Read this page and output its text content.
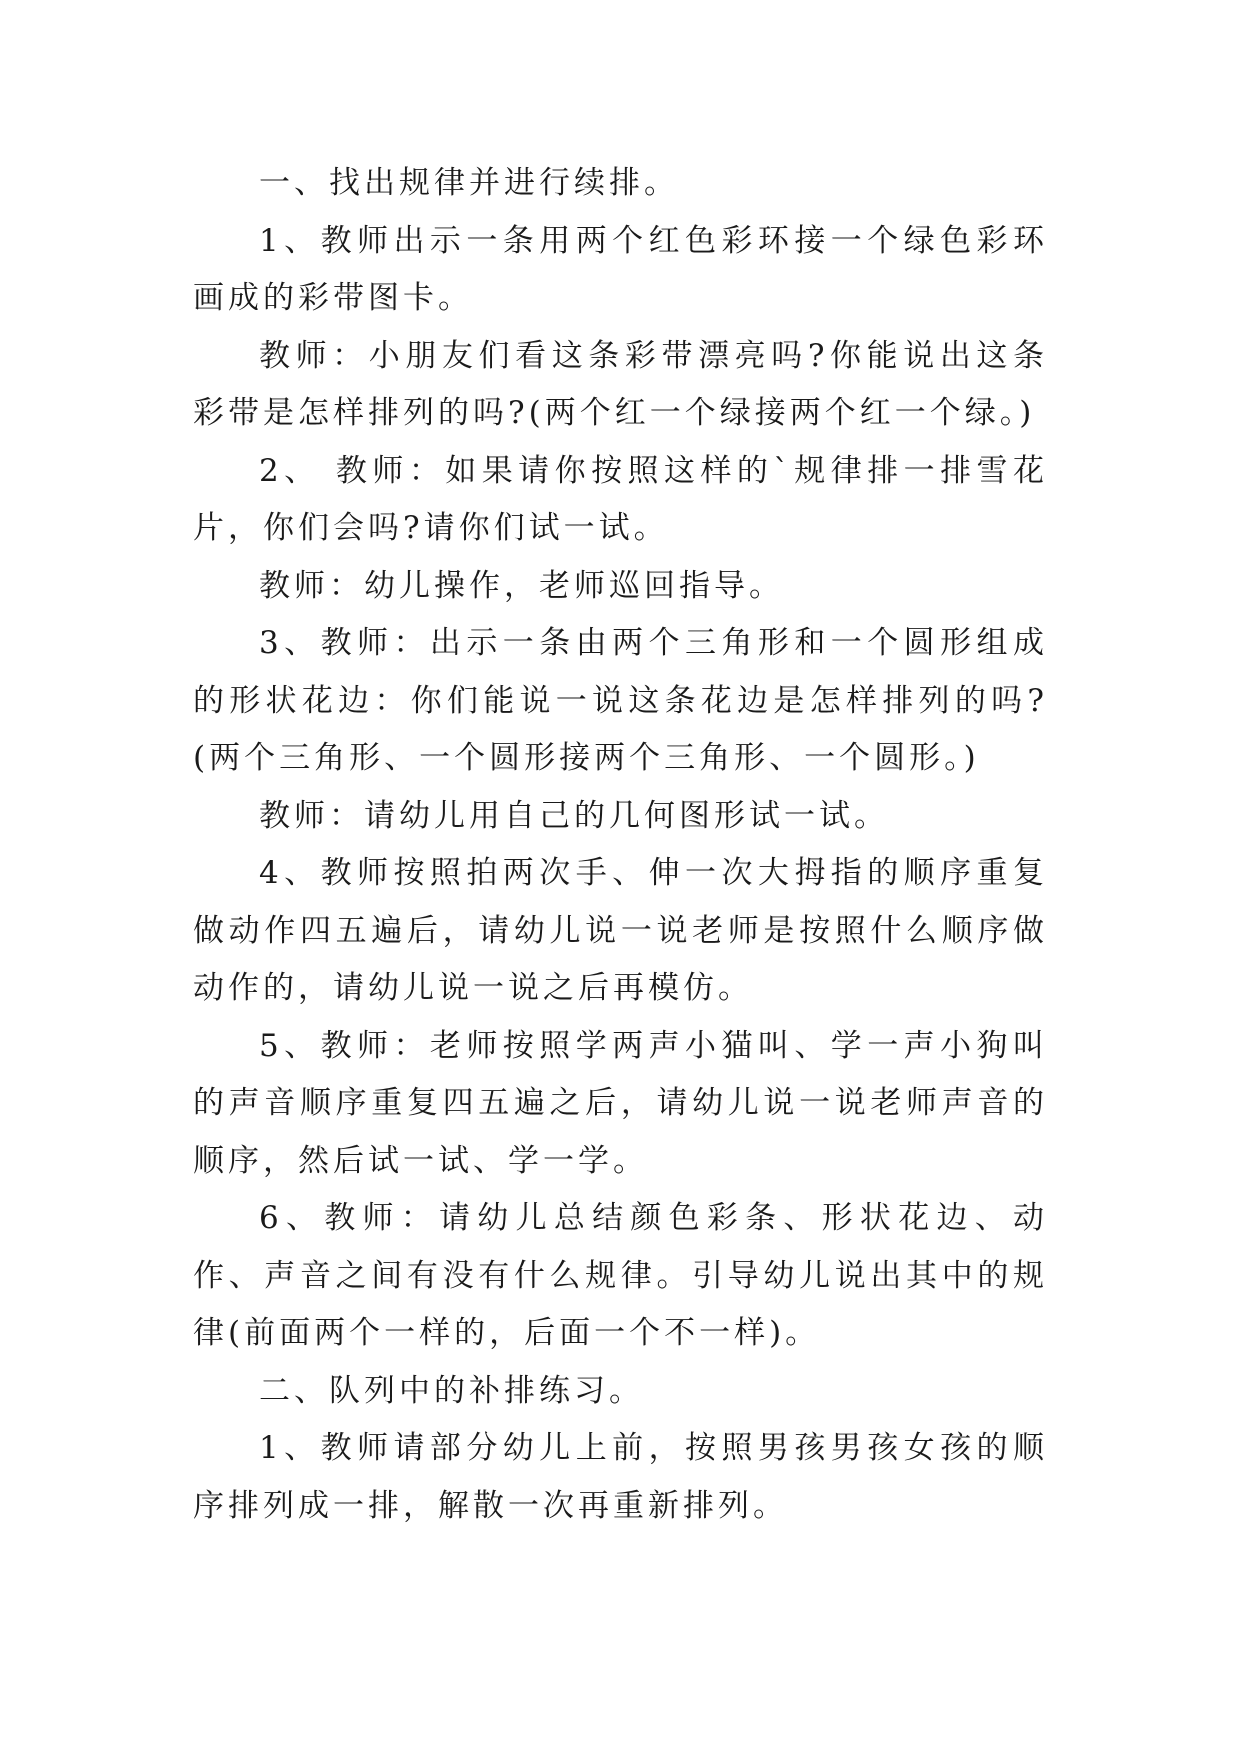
一、找出规律并进行续排。

1、教师出示一条用两个红色彩环接一个绿色彩环画成的彩带图卡。

教师：小朋友们看这条彩带漂亮吗?你能说出这条彩带是怎样排列的吗?(两个红一个绿接两个红一个绿。)

2、 教师：如果请你按照这样的`规律排一排雪花片，你们会吗?请你们试一试。

教师：幼儿操作，老师巡回指导。

3、教师：出示一条由两个三角形和一个圆形组成的形状花边：你们能说一说这条花边是怎样排列的吗?(两个三角形、一个圆形接两个三角形、一个圆形。)

教师：请幼儿用自己的几何图形试一试。

4、教师按照拍两次手、伸一次大拇指的顺序重复做动作四五遍后，请幼儿说一说老师是按照什么顺序做动作的，请幼儿说一说之后再模仿。

5、教师：老师按照学两声小猫叫、学一声小狗叫的声音顺序重复四五遍之后，请幼儿说一说老师声音的顺序，然后试一试、学一学。

6、教师：请幼儿总结颜色彩条、形状花边、动作、声音之间有没有什么规律。引导幼儿说出其中的规律(前面两个一样的，后面一个不一样)。

二、队列中的补排练习。

1、教师请部分幼儿上前，按照男孩男孩女孩的顺序排列成一排，解散一次再重新排列。
